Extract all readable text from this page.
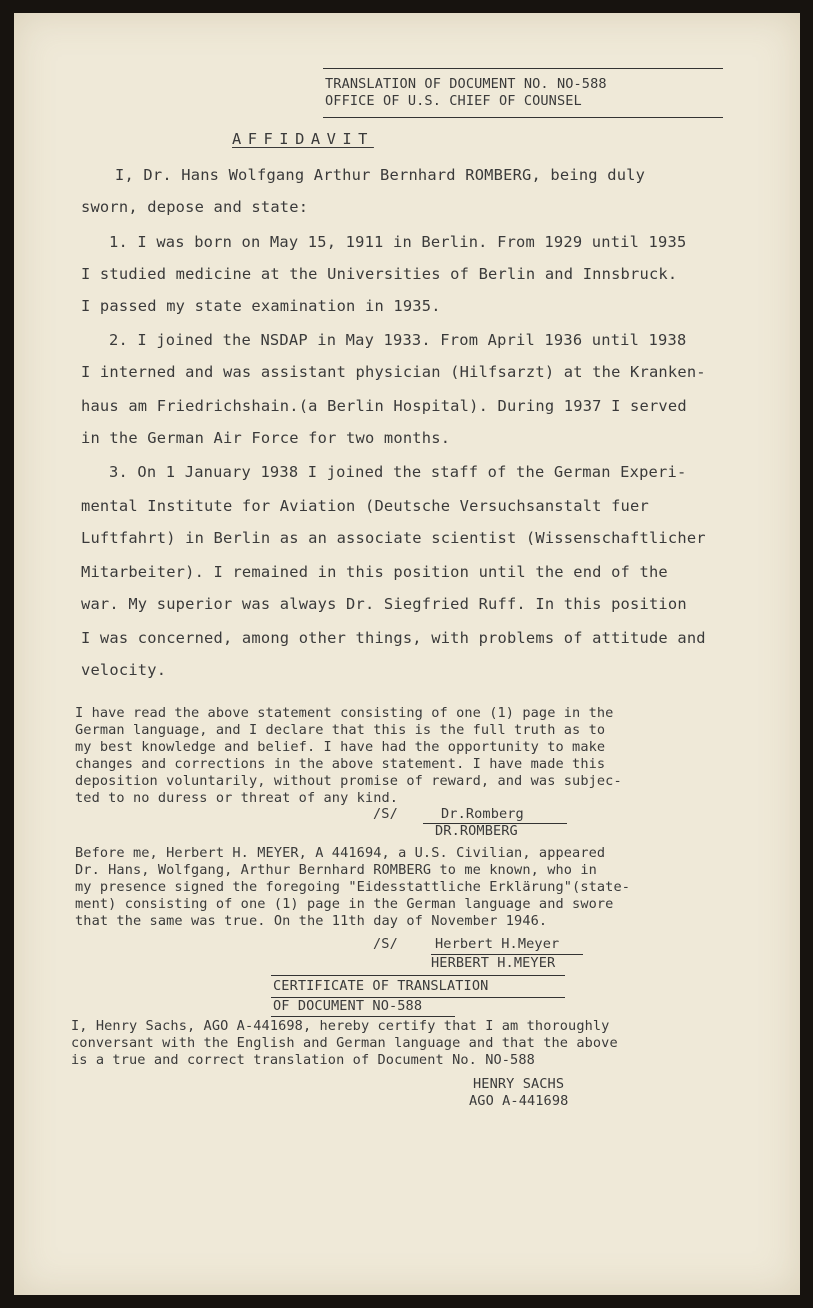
TRANSLATION OF DOCUMENT NO. NO-588
OFFICE OF U.S. CHIEF OF COUNSEL
AFFIDAVIT
I, Dr. Hans Wolfgang Arthur Bernhard ROMBERG, being duly
sworn, depose and state:
1. I was born on May 15, 1911 in Berlin. From 1929 until 1935
I studied medicine at the Universities of Berlin and Innsbruck.
I passed my state examination in 1935.
2. I joined the NSDAP in May 1933. From April 1936 until 1938
I interned and was assistant physician (Hilfsarzt) at the Kranken-
haus am Friedrichshain.(a Berlin Hospital). During 1937 I served
in the German Air Force for two months.
3. On 1 January 1938 I joined the staff of the German Experi-
mental Institute for Aviation (Deutsche Versuchsanstalt fuer
Luftfahrt) in Berlin as an associate scientist (Wissenschaftlicher
Mitarbeiter). I remained in this position until the end of the
war. My superior was always Dr. Siegfried Ruff. In this position
I was concerned, among other things, with problems of attitude and
velocity.
I have read the above statement consisting of one (1) page in the
German language, and I declare that this is the full truth as to
my best knowledge and belief. I have had the opportunity to make
changes and corrections in the above statement. I have made this
deposition voluntarily, without promise of reward, and was subjec-
ted to no duress or threat of any kind.
/S/	Dr.Romberg
DR.ROMBERG
Before me, Herbert H. MEYER, A 441694, a U.S. Civilian, appeared
Dr. Hans, Wolfgang, Arthur Bernhard ROMBERG to me known, who in
my presence signed the foregoing "Eidesstattliche Erklärung"(state-
ment) consisting of one (1) page in the German language and swore
that the same was true. On the 11th day of November 1946.
/S/	Herbert H.Meyer
HERBERT H.MEYER
CERTIFICATE OF TRANSLATION
OF DOCUMENT NO-588
I, Henry Sachs, AGO A-441698, hereby certify that I am thoroughly
conversant with the English and German language and that the above
is a true and correct translation of Document No. NO-588
HENRY SACHS
AGO A-441698
